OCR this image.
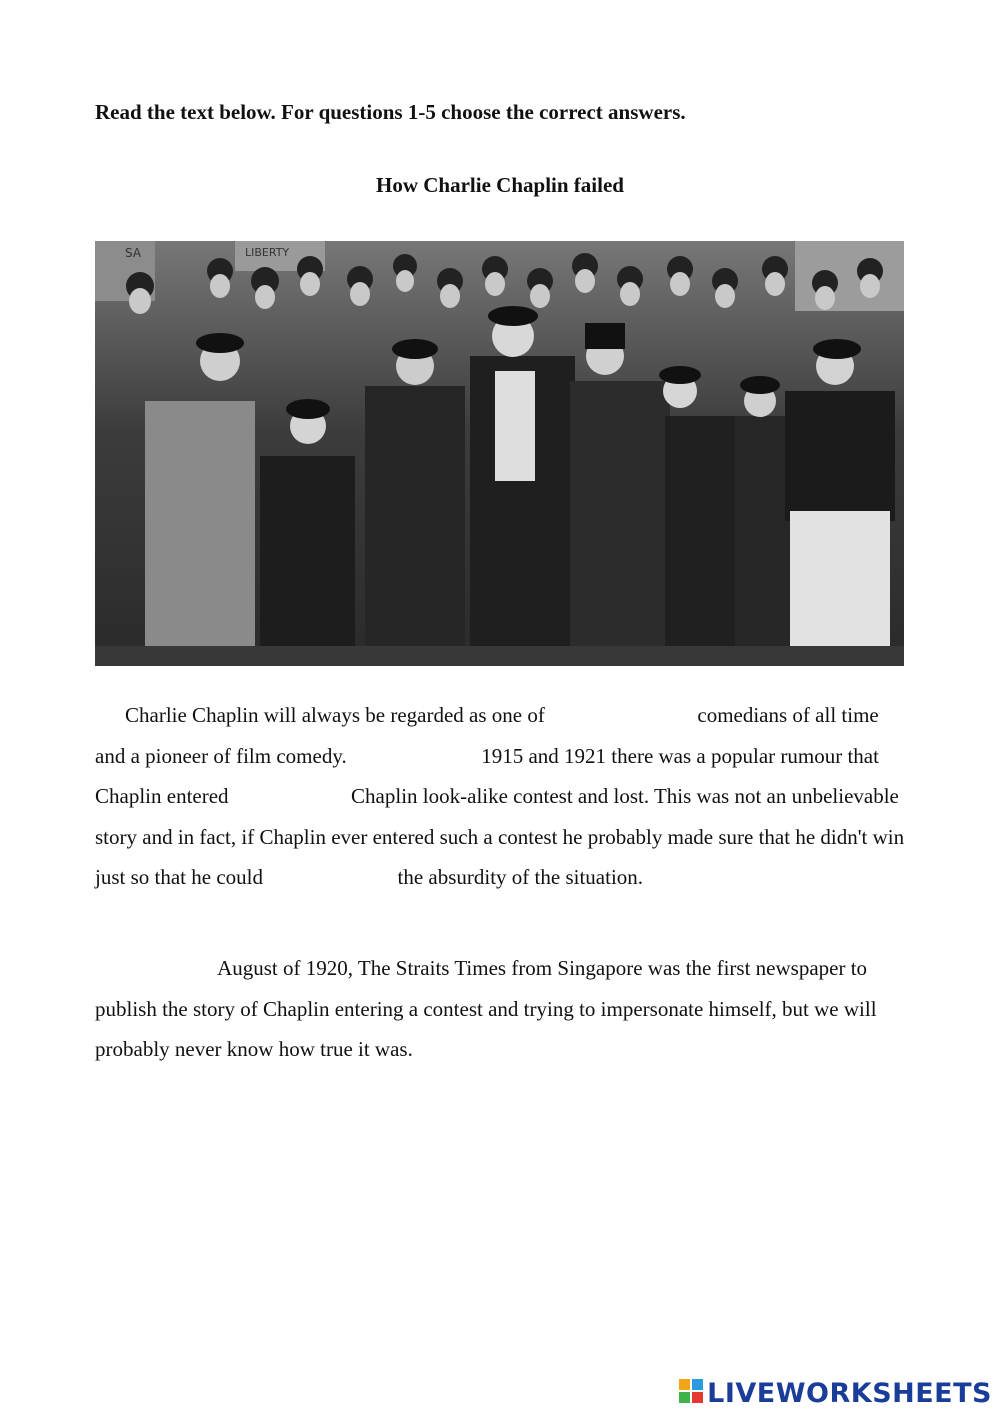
Read the text below. For questions 1-5 choose the correct answers.

How Charlie Chaplin failed
LIBERTY
SA

Charlie Chaplin will always be regarded as one of	comedians of all time and a pioneer of film comedy.	1915 and 1921 there was a popular rumour that Chaplin entered	Chaplin look-alike contest and lost. This was not an unbelievable story and in fact, if Chaplin ever entered such a contest he probably made sure that he didn't win just so that he could	the absurdity of the situation.

August of 1920, The Straits Times from Singapore was the first newspaper to publish the story of Chaplin entering a contest and trying to impersonate himself, but we will probably never know how true it was.

LIVEWORKSHEETS
